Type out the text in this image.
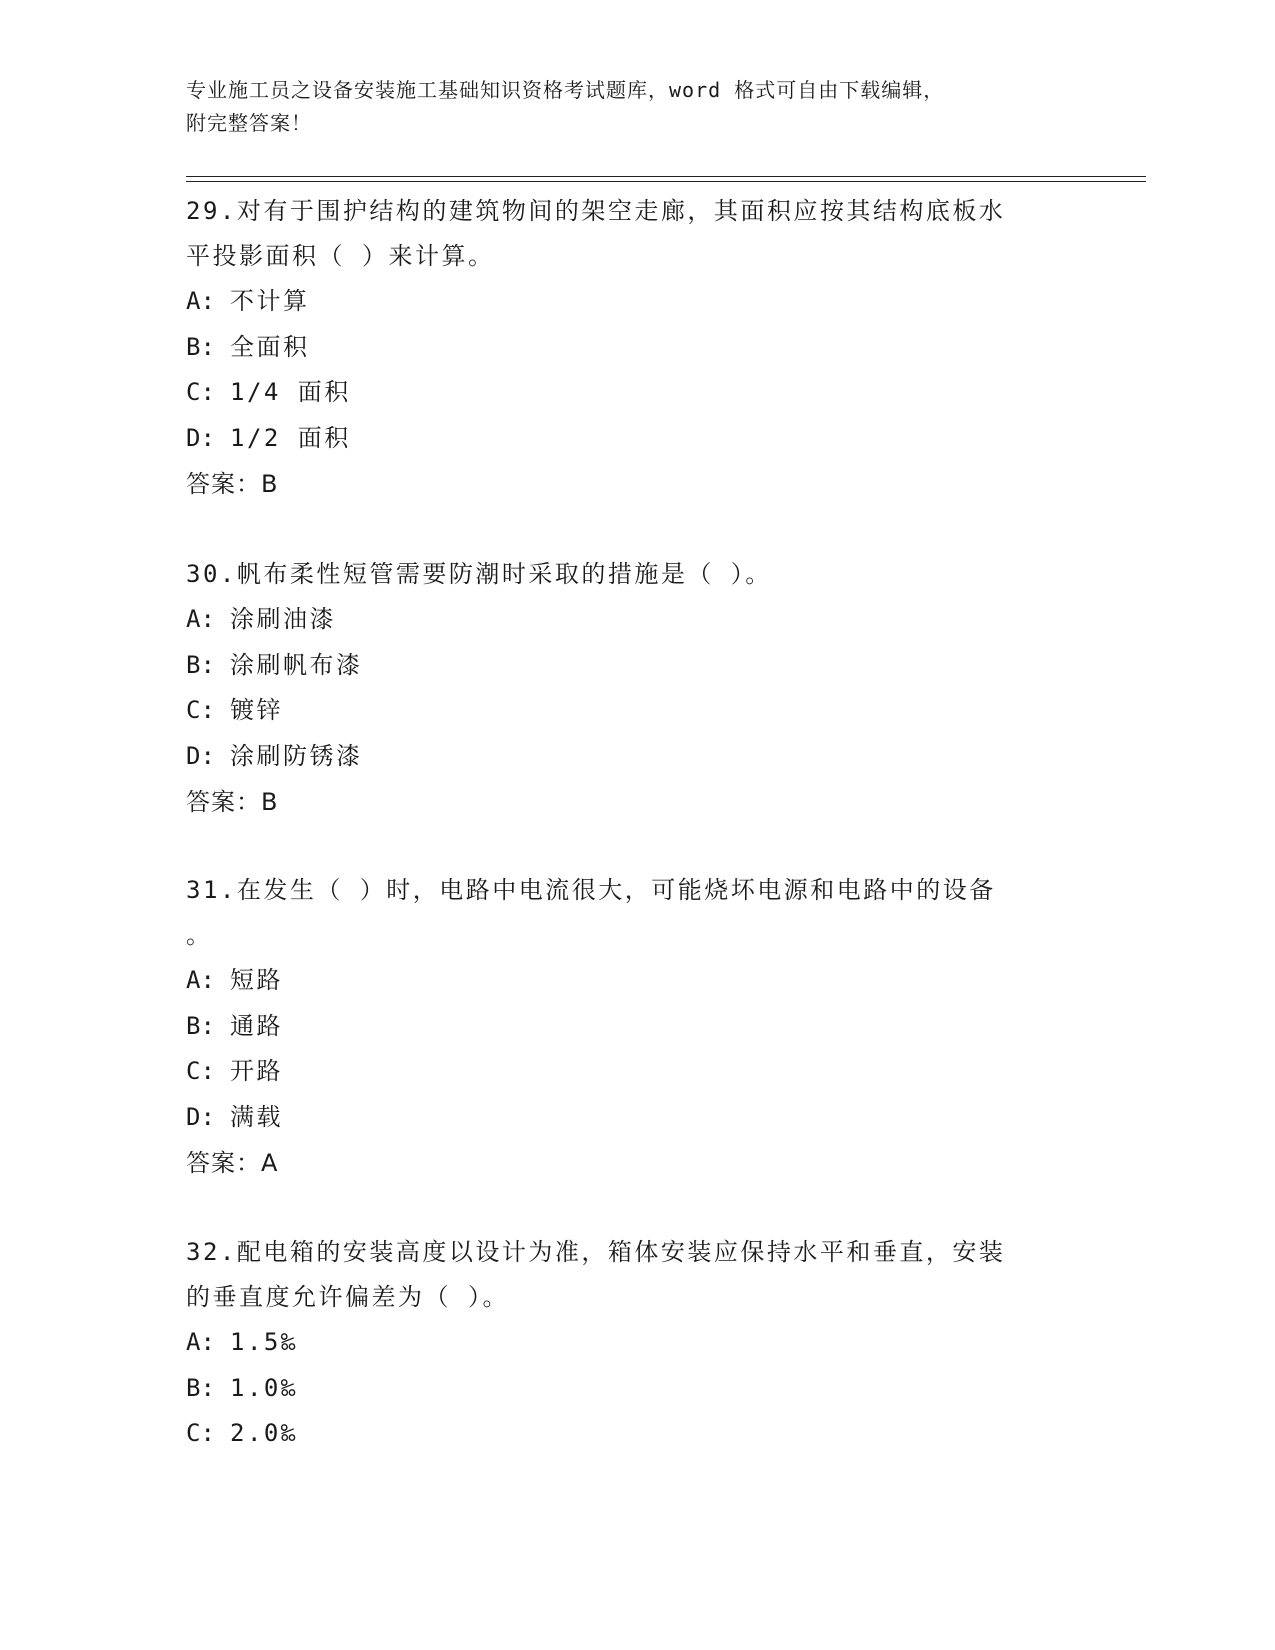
专业施工员之设备安装施工基础知识资格考试题库，word 格式可自由下载编辑，
附完整答案！

29.对有于围护结构的建筑物间的架空走廊，其面积应按其结构底板水

平投影面积（ ）来计算。

A: 不计算

B: 全面积

C: 1/4 面积

D: 1/2 面积

答案：B

30.帆布柔性短管需要防潮时采取的措施是（ ）。

A: 涂刷油漆

B: 涂刷帆布漆

C: 镀锌

D: 涂刷防锈漆

答案：B

31.在发生（ ）时，电路中电流很大，可能烧坏电源和电路中的设备

。

A: 短路

B: 通路

C: 开路

D: 满载

答案：A

32.配电箱的安装高度以设计为准，箱体安装应保持水平和垂直，安装

的垂直度允许偏差为（ ）。

A: 1.5‰

B: 1.0‰

C: 2.0‰
